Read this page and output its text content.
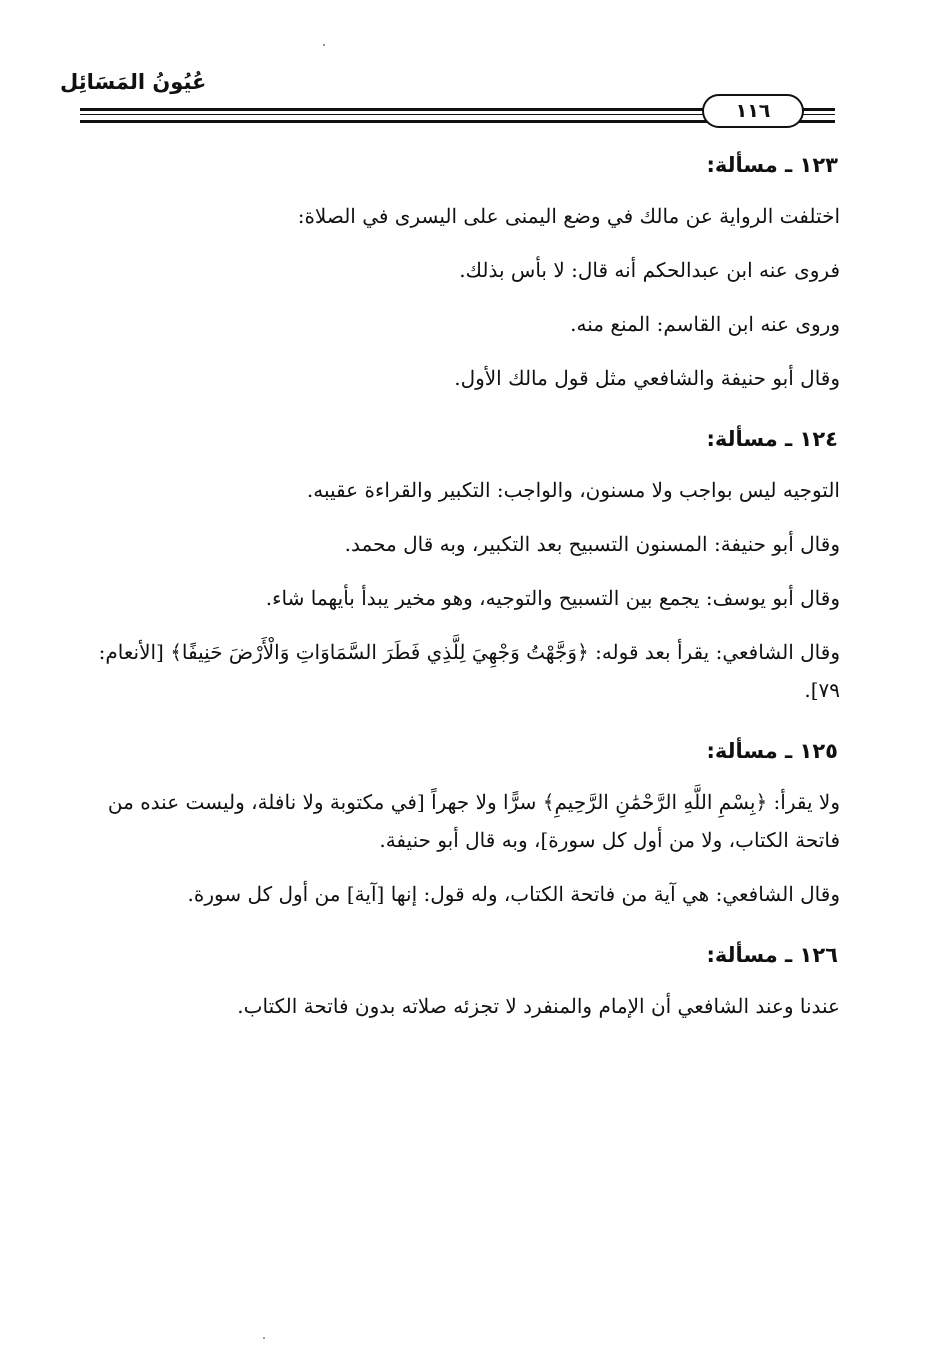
عُيُونُ المَسَائِل
١١٦
١٢٣ ـ مسألة:

اختلفت الرواية عن مالك في وضع اليمنى على اليسرى في الصلاة:

فروى عنه ابن عبدالحكم أنه قال: لا بأس بذلك.

وروى عنه ابن القاسم: المنع منه.

وقال أبو حنيفة والشافعي مثل قول مالك الأول.

١٢٤ ـ مسألة:

التوجيه ليس بواجب ولا مسنون، والواجب: التكبير والقراءة عقيبه.

وقال أبو حنيفة: المسنون التسبيح بعد التكبير، وبه قال محمد.

وقال أبو يوسف: يجمع بين التسبيح والتوجيه، وهو مخير يبدأ بأيهما شاء.

وقال الشافعي: يقرأ بعد قوله: ﴿وَجَّهْتُ وَجْهِيَ لِلَّذِي فَطَرَ السَّمَاوَاتِ وَالْأَرْضَ حَنِيفًا﴾ [الأنعام: ٧٩].

١٢٥ ـ مسألة:

ولا يقرأ: ﴿بِسْمِ اللَّهِ الرَّحْمَٰنِ الرَّحِيمِ﴾ سرًّا ولا جهراً [في مكتوبة ولا نافلة، وليست عنده من فاتحة الكتاب، ولا من أول كل سورة]، وبه قال أبو حنيفة.

وقال الشافعي: هي آية من فاتحة الكتاب، وله قول: إنها [آية] من أول كل سورة.

١٢٦ ـ مسألة:

عندنا وعند الشافعي أن الإمام والمنفرد لا تجزئه صلاته بدون فاتحة الكتاب.
